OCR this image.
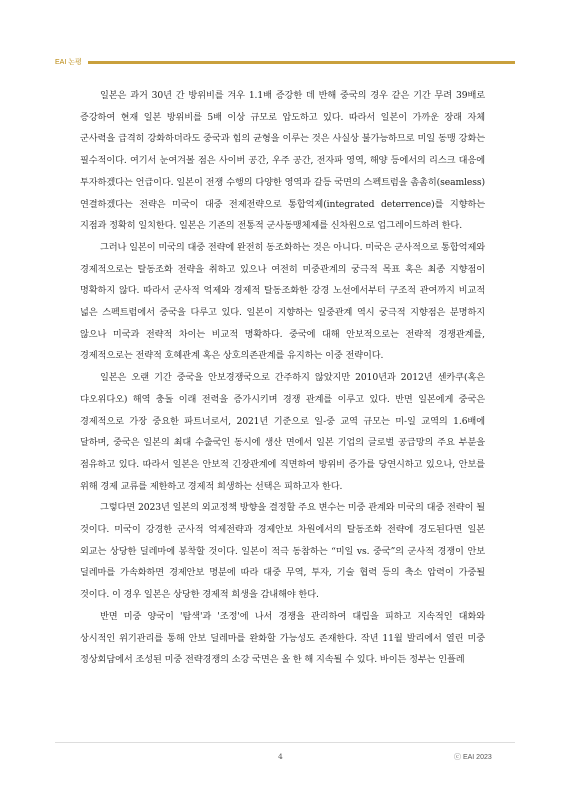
EAI 논평

일본은 과거 30년 간 방위비를 겨우 1.1배 증강한 데 반해 중국의 경우 같은 기간 무려 39배로 증강하여 현재 일본 방위비를 5배 이상 규모로 압도하고 있다. 따라서 일본이 가까운 장래 자체 군사력을 급격히 강화하더라도 중국과 힘의 균형을 이루는 것은 사실상 불가능하므로 미일 동맹 강화는 필수적이다. 여기서 눈여겨볼 점은 사이버 공간, 우주 공간, 전자파 영역, 해양 등에서의 리스크 대응에 투자하겠다는 언급이다. 일본이 전쟁 수행의 다양한 영역과 갈등 국면의 스펙트럼을 촘촘히(seamless) 연결하겠다는 전략은 미국이 대중 전제전략으로 통합억제(integrated deterrence)를 지향하는 지점과 정확히 일치한다. 일본은 기존의 전통적 군사동맹체제를 신차원으로 업그레이드하려 한다.

그러나 일본이 미국의 대중 전략에 완전히 동조화하는 것은 아니다. 미국은 군사적으로 통합억제와 경제적으로는 탈동조화 전략을 취하고 있으나 여전히 미중관계의 궁극적 목표 혹은 최종 지향점이 명확하지 않다. 따라서 군사적 억제와 경제적 탈동조화한 강경 노선에서부터 구조적 관여까지 비교적 넓은 스펙트럼에서 중국을 다루고 있다. 일본이 지향하는 일중관계 역시 궁극적 지향점은 분명하지 않으나 미국과 전략적 차이는 비교적 명확하다. 중국에 대해 안보적으로는 전략적 경쟁관계를, 경제적으로는 전략적 호혜관계 혹은 상호의존관계를 유지하는 이중 전략이다.

일본은 오랜 기간 중국을 안보경쟁국으로 간주하지 않았지만 2010년과 2012년 센카쿠(혹은 댜오위다오) 해역 충돌 이래 전력을 증가시키며 경쟁 관계를 이루고 있다. 반면 일본에게 중국은 경제적으로 가장 중요한 파트너로서, 2021년 기준으로 일-중 교역 규모는 미-일 교역의 1.6배에 달하며, 중국은 일본의 최대 수출국인 동시에 생산 면에서 일본 기업의 글로벌 공급망의 주요 부분을 점유하고 있다. 따라서 일본은 안보적 긴장관계에 직면하여 방위비 증가를 당연시하고 있으나, 안보를 위해 경제 교류를 제한하고 경제적 희생하는 선택은 피하고자 한다.

그렇다면 2023년 일본의 외교정책 방향을 결정할 주요 변수는 미중 관계와 미국의 대중 전략이 될 것이다. 미국이 강경한 군사적 억제전략과 경제안보 차원에서의 탈동조화 전략에 경도된다면 일본 외교는 상당한 딜레마에 봉착할 것이다. 일본이 적극 동참하는 “미일 vs. 중국”의 군사적 경쟁이 안보 딜레마를 가속화하면 경제안보 명분에 따라 대중 무역, 투자, 기술 협력 등의 축소 압력이 가중될 것이다. 이 경우 일본은 상당한 경제적 희생을 감내해야 한다.

반면 미중 양국이 '탐색'과 '조정'에 나서 경쟁을 관리하여 대립을 피하고 지속적인 대화와 상시적인 위기관리를 통해 안보 딜레마를 완화할 가능성도 존재한다. 작년 11월 발리에서 열린 미중 정상회담에서 조성된 미중 전략경쟁의 소강 국면은 올 한 해 지속될 수 있다. 바이든 정부는 인플레

4	ⓒ EAI 2023
